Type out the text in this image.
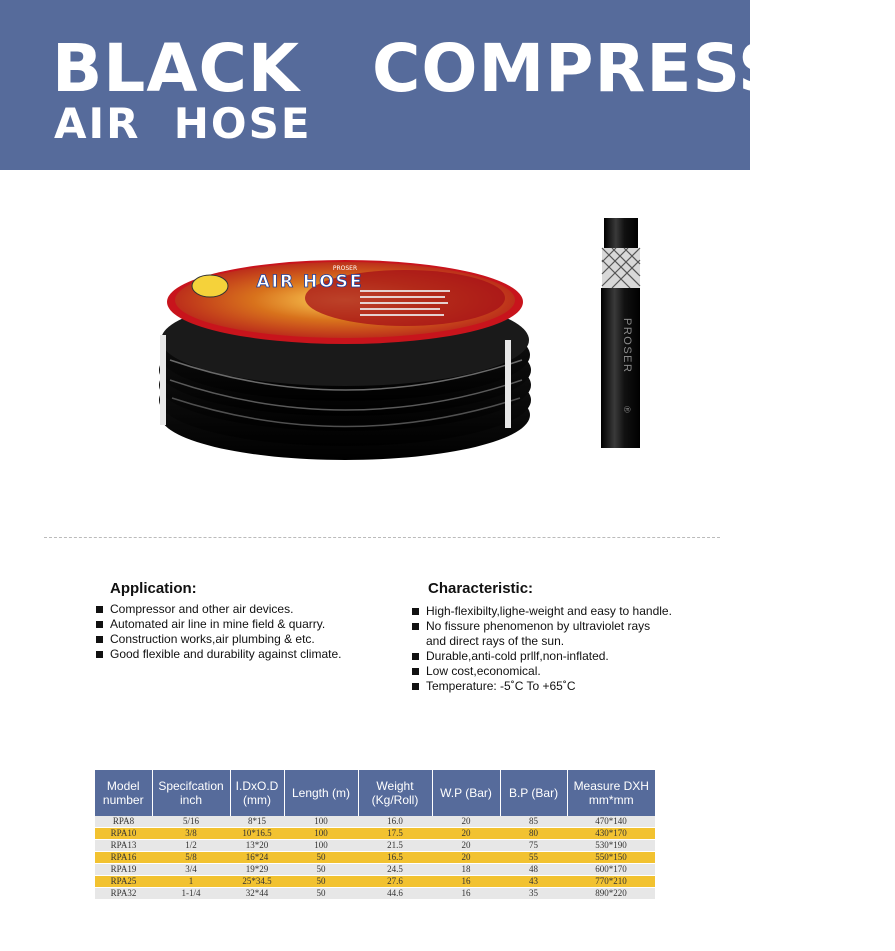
BLACK   COMPRESSOR
AIR  HOSE
AIR HOSE
PROSER
PROSER
®
Application:
Compressor and other air devices.
Automated air line in mine field & quarry.
Construction works,air plumbing & etc.
Good flexible and durability against climate.
Characteristic:
High-flexibilty,lighe-weight and easy to handle.
No fissure phenomenon by ultraviolet rays
and direct rays of the sun.
Durable,anti-cold prllf,non-inflated.
Low cost,economical.
Temperature: -5˚C To +65˚C
Model number	Specifcation inch	I.DxO.D (mm)	Length (m)	Weight (Kg/Roll)	W.P (Bar)	B.P (Bar)	Measure DXH mm*mm
RPA8	5/16	8*15	100	16.0	20	85	470*140
RPA10	3/8	10*16.5	100	17.5	20	80	430*170
RPA13	1/2	13*20	100	21.5	20	75	530*190
RPA16	5/8	16*24	50	16.5	20	55	550*150
RPA19	3/4	19*29	50	24.5	18	48	600*170
RPA25	1	25*34.5	50	27.6	16	43	770*210
RPA32	1-1/4	32*44	50	44.6	16	35	890*220
